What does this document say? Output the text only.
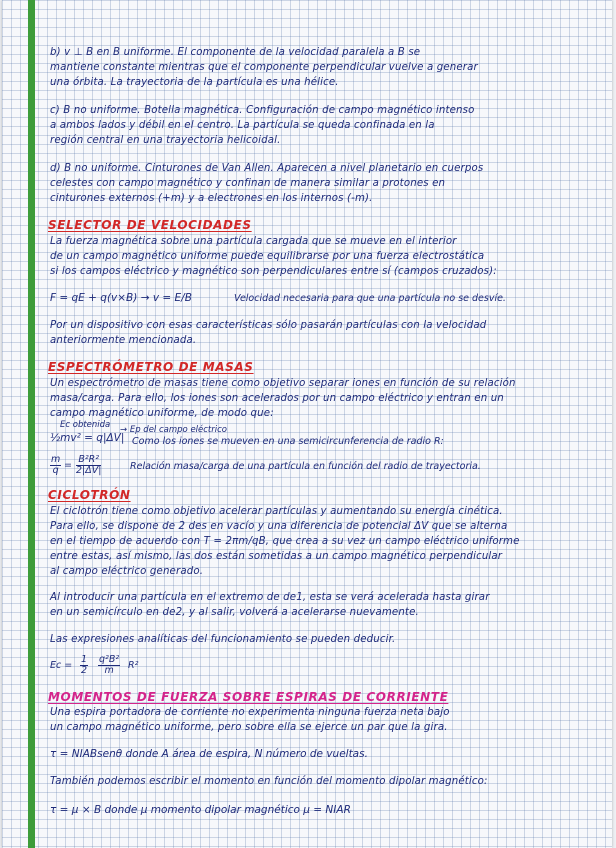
b) v ⊥ B en B uniforme. El componente de la velocidad paralela a B se
mantiene constante mientras que el componente perpendicular vuelve a generar
una órbita. La trayectoria de la partícula es una hélice.
c) B no uniforme. Botella magnética. Configuración de campo magnético intenso
a ambos lados y débil en el centro. La partícula se queda confinada en la
región central en una trayectoria helicoidal.
d) B no uniforme. Cinturones de Van Allen. Aparecen a nivel planetario en cuerpos
celestes con campo magnético y confinan de manera similar a protones en
cinturones externos (+m) y a electrones en los internos (-m).
SELECTOR DE VELOCIDADES
La fuerza magnética sobre una partícula cargada que se mueve en el interior
de un campo magnético uniforme puede equilibrarse por una fuerza electrostática
si los campos eléctrico y magnético son perpendiculares entre sí (campos cruzados):
F = qE + q(v×B) → v = E/B	Velocidad necesaria para que una partícula no se desvíe.
Por un dispositivo con esas características sólo pasarán partículas con la velocidad
anteriormente mencionada.
ESPECTRÓMETRO DE MASAS
Un espectrómetro de masas tiene como objetivo separar iones en función de su relación
masa/carga. Para ello, los iones son acelerados por un campo eléctrico y entran en un
campo magnético uniforme, de modo que:
Ec obtenida
½mv² = q|ΔV|
→ Ep del campo eléctrico
Como los iones se mueven en una semicircunferencia de radio R:
$\frac{m}{q} = \frac{\text{B²R²}}{2|\Delta V|}$	Relación masa/carga de una partícula en función del radio de trayectoria.
CICLOTRÓN
El ciclotrón tiene como objetivo acelerar partículas y aumentando su energía cinética.
Para ello, se dispone de 2 des en vacío y una diferencia de potencial ΔV que se alterna
en el tiempo de acuerdo con T = 2πm/qB, que crea a su vez un campo eléctrico uniforme
entre estas, así mismo, las dos están sometidas a un campo magnético perpendicular
al campo eléctrico generado.
Al introducir una partícula en el extremo de de1, esta se verá acelerada hasta girar
en un semicírculo en de2, y al salir, volverá a acelerarse nuevamente.
Las expresiones analíticas del funcionamiento se pueden deducir.
$Ec = \frac{1}{2} \frac{\text{q²B²}}{m} R^2$
MOMENTOS DE FUERZA SOBRE ESPIRAS DE CORRIENTE
Una espira portadora de corriente no experimenta ninguna fuerza neta bajo
un campo magnético uniforme, pero sobre ella se ejerce un par que la gira.
τ = NIABsenθ donde A área de espira, N número de vueltas.
También podemos escribir el momento en función del momento dipolar magnético:
τ = μ × B donde μ momento dipolar magnético μ = NIAR
